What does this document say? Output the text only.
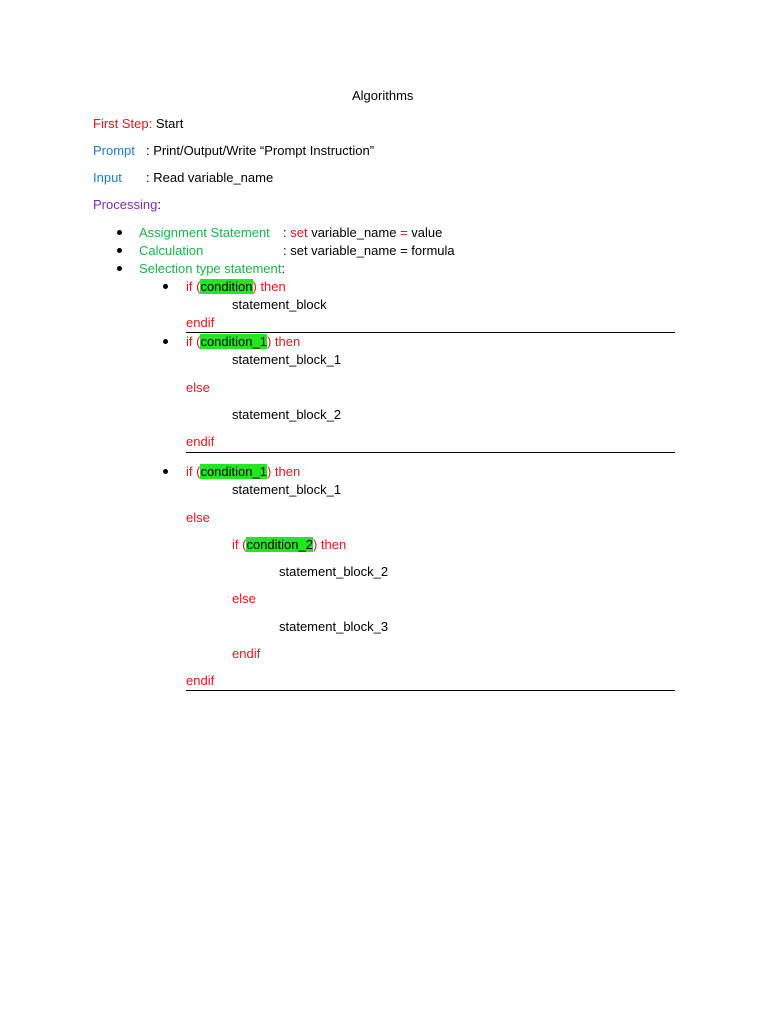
Algorithms
First Step: Start
Prompt : Print/Output/Write “Prompt Instruction”
Input : Read variable_name
Processing:
Assignment Statement : set variable_name = value
Calculation	: set variable_name = formula
Selection type statement:
if (condition) then
statement_block
endif
if (condition_1) then
statement_block_1
else
statement_block_2
endif
if (condition_1) then
statement_block_1
else
if (condition_2) then
statement_block_2
else
statement_block_3
endif
endif
